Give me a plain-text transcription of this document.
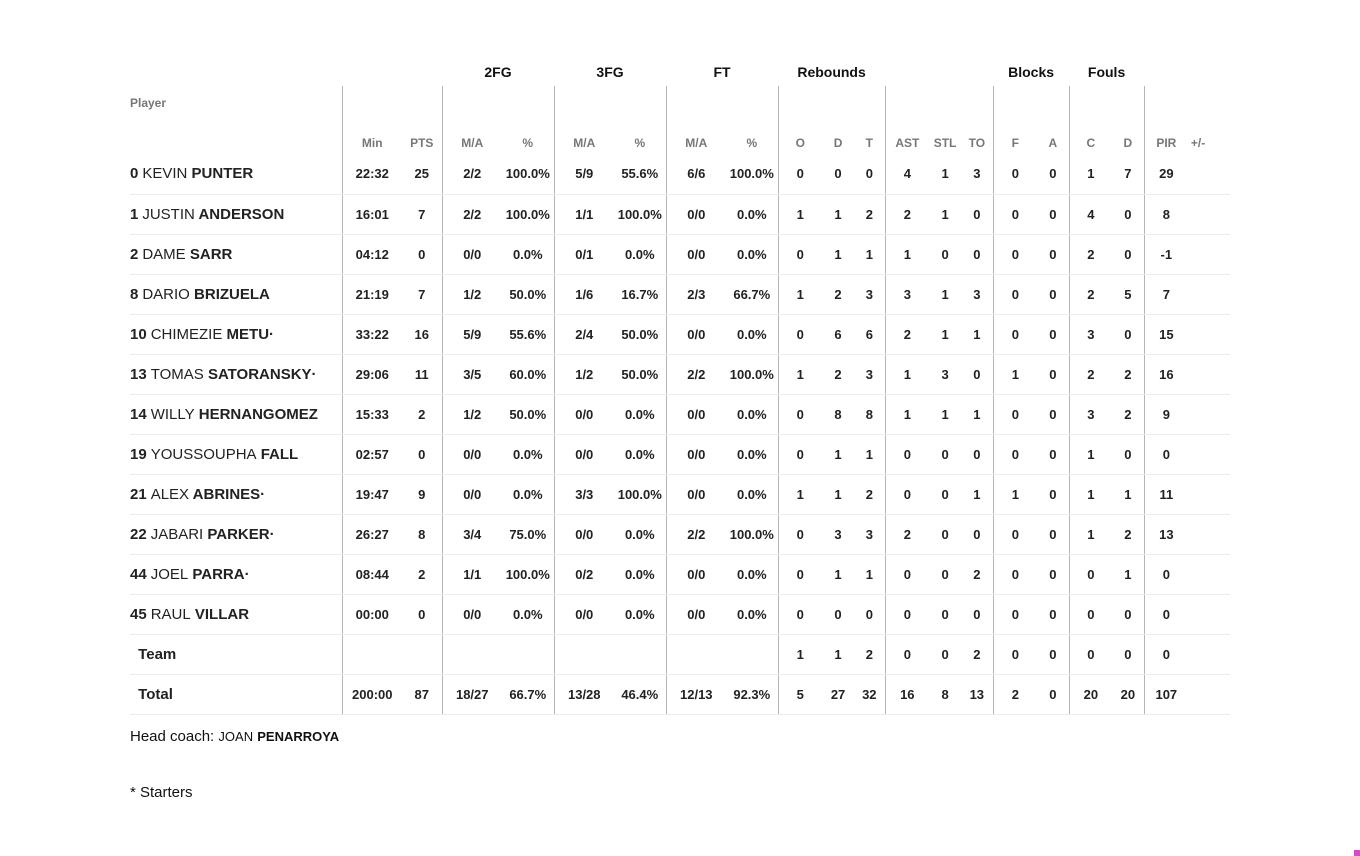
			2FG		3FG		FT		Rebounds						Blocks		Fouls				
Player	Min	PTS	M/A	%	M/A	%	M/A	%	O	D	T	AST	STL	TO	F	A	C	D	PIR	+/-	
0 KEVIN PUNTER	22:32	25	2/2	100.0%	5/9	55.6%	6/6	100.0%	0	0	0	4	1	3	0	0	1	7	29		
1 JUSTIN ANDERSON	16:01	7	2/2	100.0%	1/1	100.0%	0/0	0.0%	1	1	2	2	1	0	0	0	4	0	8		
2 DAME SARR	04:12	0	0/0	0.0%	0/1	0.0%	0/0	0.0%	0	1	1	1	0	0	0	0	2	0	-1		
8 DARIO BRIZUELA	21:19	7	1/2	50.0%	1/6	16.7%	2/3	66.7%	1	2	3	3	1	3	0	0	2	5	7		
10 CHIMEZIE METU·	33:22	16	5/9	55.6%	2/4	50.0%	0/0	0.0%	0	6	6	2	1	1	0	0	3	0	15		
13 TOMAS SATORANSKY·	29:06	11	3/5	60.0%	1/2	50.0%	2/2	100.0%	1	2	3	1	3	0	1	0	2	2	16		
14 WILLY HERNANGOMEZ	15:33	2	1/2	50.0%	0/0	0.0%	0/0	0.0%	0	8	8	1	1	1	0	0	3	2	9		
19 YOUSSOUPHA FALL	02:57	0	0/0	0.0%	0/0	0.0%	0/0	0.0%	0	1	1	0	0	0	0	0	1	0	0		
21 ALEX ABRINES·	19:47	9	0/0	0.0%	3/3	100.0%	0/0	0.0%	1	1	2	0	0	1	1	0	1	1	11		
22 JABARI PARKER·	26:27	8	3/4	75.0%	0/0	0.0%	2/2	100.0%	0	3	3	2	0	0	0	0	1	2	13		
44 JOEL PARRA·	08:44	2	1/1	100.0%	0/2	0.0%	0/0	0.0%	0	1	1	0	0	2	0	0	0	1	0		
45 RAUL VILLAR	00:00	0	0/0	0.0%	0/0	0.0%	0/0	0.0%	0	0	0	0	0	0	0	0	0	0	0		
Team									1	1	2	0	0	2	0	0	0	0	0		
Total	200:00	87	18/27	66.7%	13/28	46.4%	12/13	92.3%	5	27	32	16	8	13	2	0	20	20	107		
Head coach: JOAN PENARROYA
* Starters
